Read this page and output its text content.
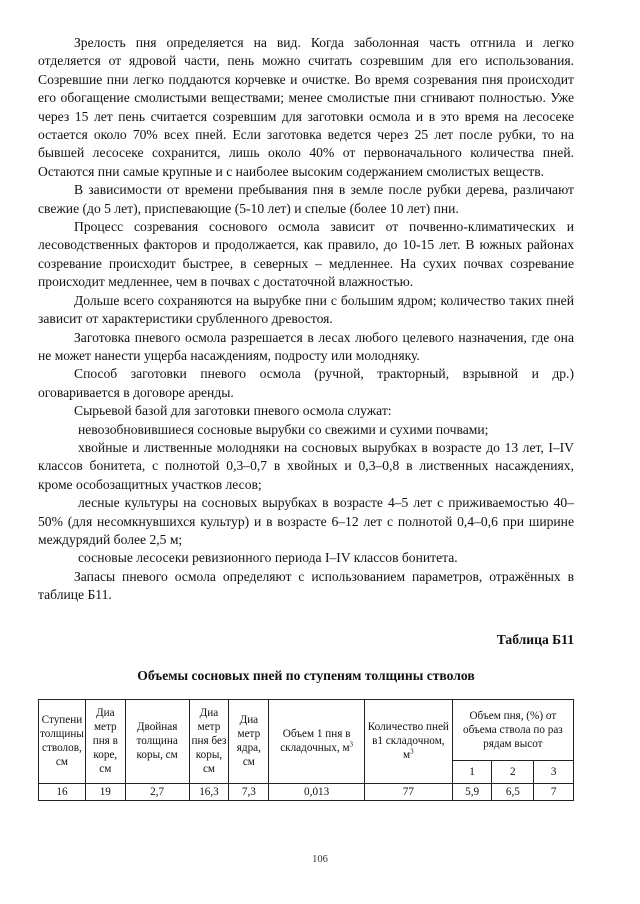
Зрелость пня определяется на вид. Когда заболонная часть отгнила и легко отделяется от ядровой части, пень можно считать созревшим для его использования. Созревшие пни легко поддаются корчевке и очистке. Во время созревания пня происходит его обогащение смолистыми веществами; менее смолистые пни сгнивают полностью. Уже через 15 лет пень считается созревшим для заготовки осмола и в это время на лесосеке остается около 70% всех пней. Если заготовка ведется через 25 лет после рубки, то на бывшей лесосеке сохранится, лишь около 40% от первоначального количества пней. Остаются пни самые крупные и с наиболее высоким содержанием смолистых веществ.

В зависимости от времени пребывания пня в земле после рубки дерева, различают свежие (до 5 лет), приспевающие (5-10 лет) и спелые (более 10 лет) пни.

Процесс созревания соснового осмола зависит от почвенно-климатических и лесоводственных факторов и продолжается, как правило, до 10-15 лет. В южных районах созревание происходит быстрее, в северных – медленнее. На сухих почвах созревание происходит медленнее, чем в почвах с достаточной влажностью.

Дольше всего сохраняются на вырубке пни с большим ядром; количество таких пней зависит от характеристики срубленного древостоя.

Заготовка пневого осмола разрешается в лесах любого целевого назначения, где она не может нанести ущерба насаждениям, подросту или молодняку.

Способ заготовки пневого осмола (ручной, тракторный, взрывной и др.) оговаривается в договоре аренды.

Сырьевой базой для заготовки пневого осмола служат:

невозобновившиеся сосновые вырубки со свежими и сухими почвами;

хвойные и лиственные молодняки на сосновых вырубках в возрасте до 13 лет, I–IV классов бонитета, с полнотой 0,3–0,7 в хвойных и 0,3–0,8 в лиственных насаждениях, кроме особозащитных участков лесов;

лесные культуры на сосновых вырубках в возрасте 4–5 лет с приживаемостью 40–50% (для несомкнувшихся культур) и в возрасте 6–12 лет с полнотой 0,4–0,6 при ширине междурядий более 2,5 м;

сосновые лесосеки ревизионного периода I–IV классов бонитета.

Запасы пневого осмола определяют с использованием параметров, отражённых в таблице Б11.

Таблица Б11
Объемы сосновых пней по ступеням толщины стволов
Ступени толщины стволов, см	Диа метр пня в коре, см	Двойная толщина коры, см	Диа метр пня без коры, см	Диа метр ядра, см	Объем 1 пня в складочных, $м^3$	Количество пней в1 складочном, $м^3$	Объем пня, (%) от объема ствола по раз рядам высот		
							1	2	3
16	19	2,7	16,3	7,3	0,013	77	5,9	6,5	7
106
